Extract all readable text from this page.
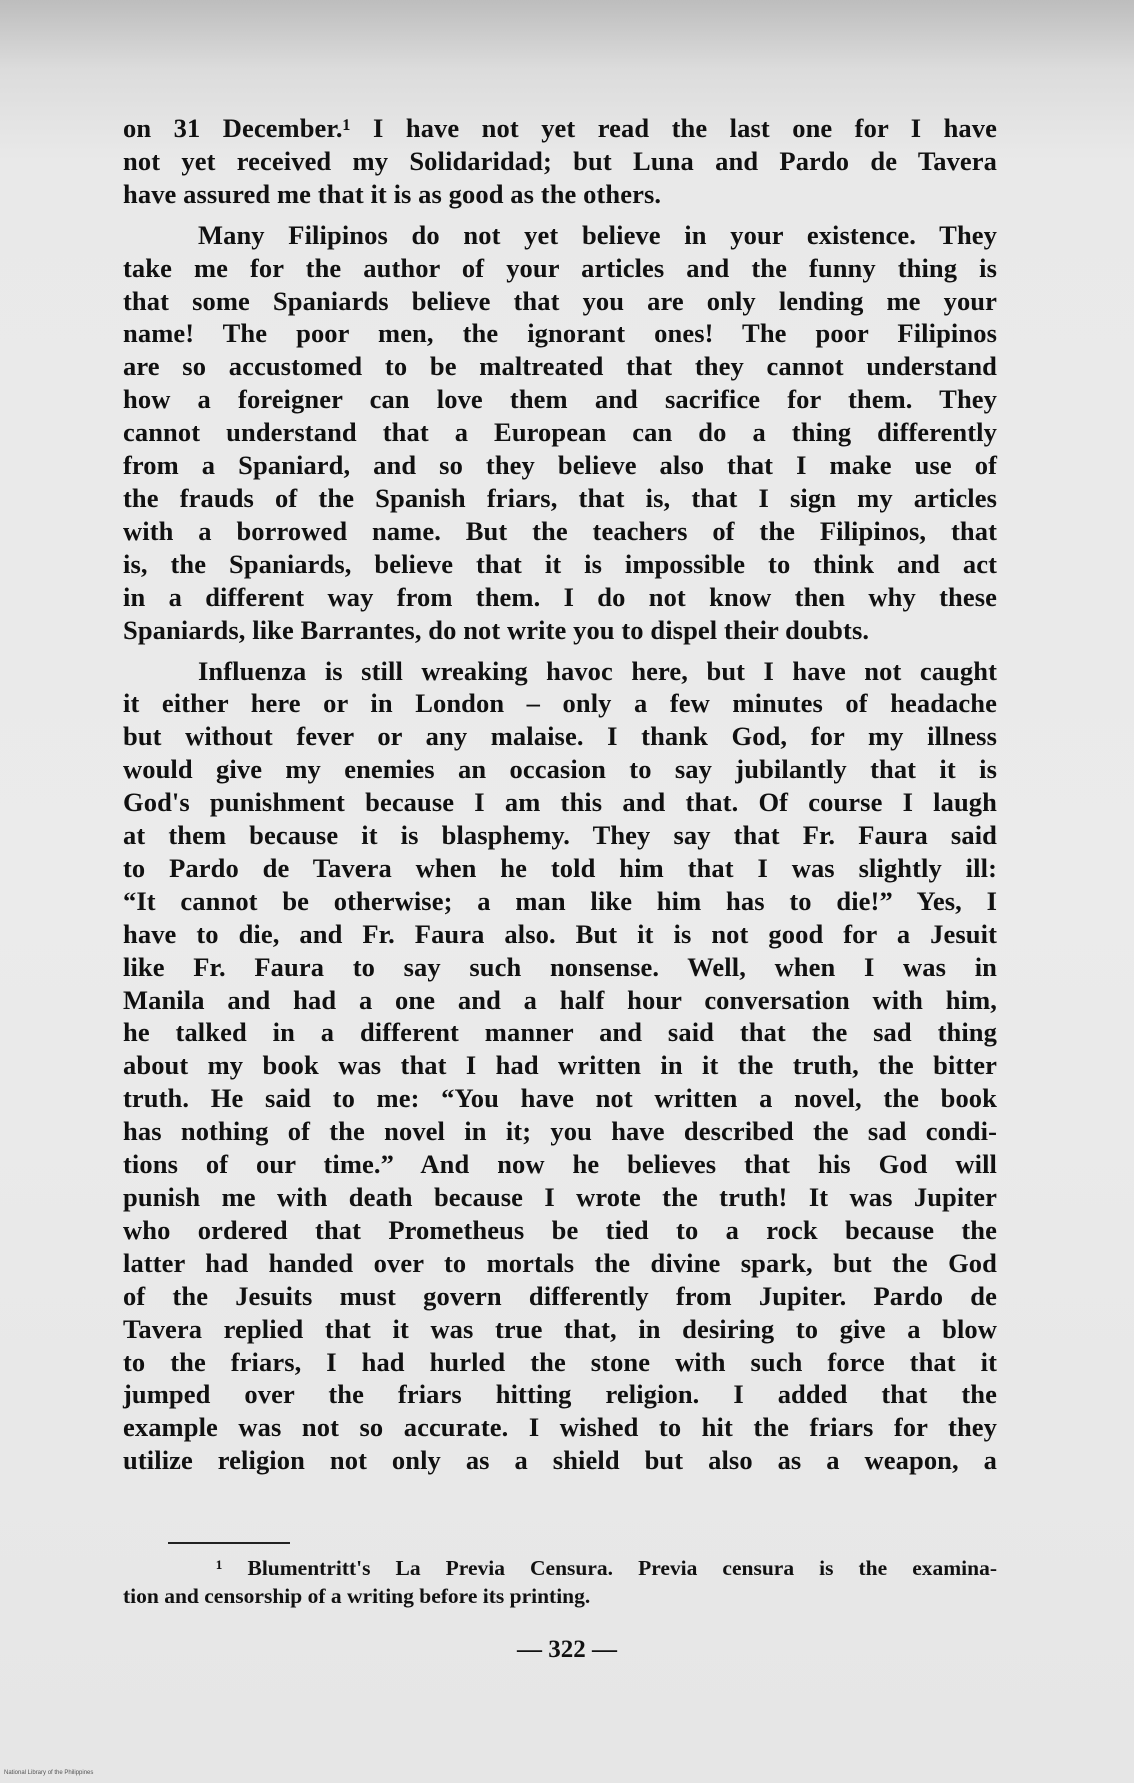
on 31 December.¹ I have not yet read the last one for I have
not yet received my Solidaridad; but Luna and Pardo de Tavera
have assured me that it is as good as the others.
Many Filipinos do not yet believe in your existence. They
take me for the author of your articles and the funny thing is
that some Spaniards believe that you are only lending me your
name! The poor men, the ignorant ones! The poor Filipinos
are so accustomed to be maltreated that they cannot understand
how a foreigner can love them and sacrifice for them. They
cannot understand that a European can do a thing differently
from a Spaniard, and so they believe also that I make use of
the frauds of the Spanish friars, that is, that I sign my articles
with a borrowed name. But the teachers of the Filipinos, that
is, the Spaniards, believe that it is impossible to think and act
in a different way from them. I do not know then why these
Spaniards, like Barrantes, do not write you to dispel their doubts.
Influenza is still wreaking havoc here, but I have not caught
it either here or in London – only a few minutes of headache
but without fever or any malaise. I thank God, for my illness
would give my enemies an occasion to say jubilantly that it is
God's punishment because I am this and that. Of course I laugh
at them because it is blasphemy. They say that Fr. Faura said
to Pardo de Tavera when he told him that I was slightly ill:
“It cannot be otherwise; a man like him has to die!” Yes, I
have to die, and Fr. Faura also. But it is not good for a Jesuit
like Fr. Faura to say such nonsense. Well, when I was in
Manila and had a one and a half hour conversation with him,
he talked in a different manner and said that the sad thing
about my book was that I had written in it the truth, the bitter
truth. He said to me: “You have not written a novel, the book
has nothing of the novel in it; you have described the sad condi-
tions of our time.” And now he believes that his God will
punish me with death because I wrote the truth! It was Jupiter
who ordered that Prometheus be tied to a rock because the
latter had handed over to mortals the divine spark, but the God
of the Jesuits must govern differently from Jupiter. Pardo de
Tavera replied that it was true that, in desiring to give a blow
to the friars, I had hurled the stone with such force that it
jumped over the friars hitting religion. I added that the
example was not so accurate. I wished to hit the friars for they
utilize religion not only as a shield but also as a weapon, a
¹ Blumentritt's La Previa Censura. Previa censura is the examina-
tion and censorship of a writing before its printing.
— 322 —
National Library of the Philippines
